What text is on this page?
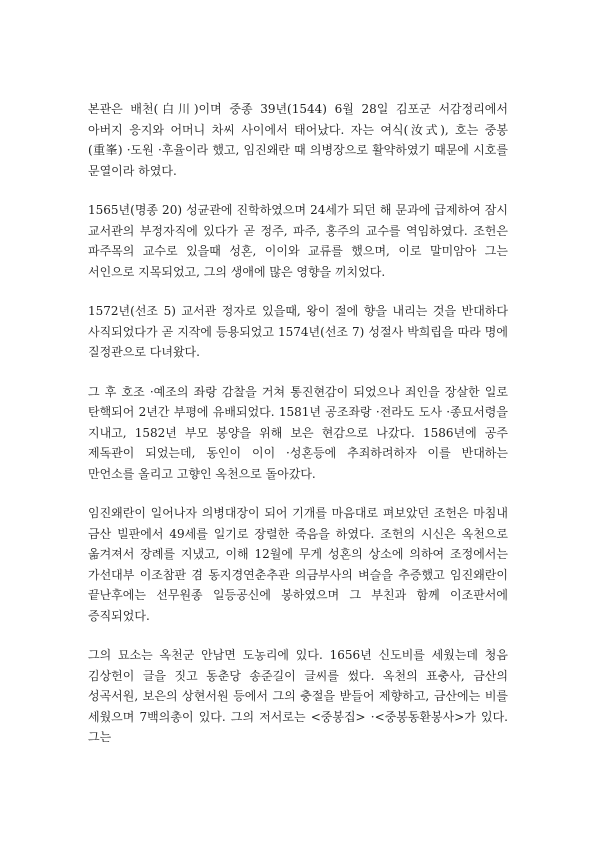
본관은 배천(白川)이며 중종 39년(1544) 6월 28일 김포군 서감정리에서 아버지 응지와 어머니 차씨 사이에서 태어났다. 자는 여식(汝式), 호는 중봉(重峯) ·도원 ·후율이라 했고, 임진왜란 때 의병장으로 활약하였기 때문에 시호를 문열이라 하였다.

1565년(명종 20) 성균관에 진학하였으며 24세가 되던 해 문과에 급제하여 잠시 교서관의 부정자직에 있다가 곧 정주, 파주, 홍주의 교수를 역임하였다. 조헌은 파주목의 교수로 있을때 성혼, 이이와 교류를 했으며, 이로 말미암아 그는 서인으로 지목되었고, 그의 생애에 많은 영향을 끼치었다.

1572년(선조 5) 교서관 정자로 있을때, 왕이 절에 향을 내리는 것을 반대하다 사직되었다가 곧 지작에 등용되었고 1574년(선조 7) 성절사 박희립을 따라 명에 질정관으로 다녀왔다.

그 후 호조 ·예조의 좌랑 감찰을 거쳐 통진현감이 되었으나 죄인을 장살한 일로 탄핵되어 2년간 부평에 유배되었다. 1581년 공조좌랑 ·전라도 도사 ·종묘서령을 지내고, 1582년 부모 봉양을 위해 보은 현감으로 나갔다. 1586년에 공주 제독관이 되었는데, 동인이 이이 ·성혼등에 추죄하려하자 이를 반대하는 만언소를 올리고 고향인 옥천으로 돌아갔다.

임진왜란이 일어나자 의병대장이 되어 기개를 마음대로 펴보았던 조헌은 마침내 금산 빌판에서 49세를 일기로 장렬한 죽음을 하였다. 조헌의 시신은 옥천으로 옮겨져서 장례를 지냈고, 이해 12월에 무게 성혼의 상소에 의하여 조정에서는 가선대부 이조참판 겸 동지경연춘추관 의금부사의 벼슬을 추증했고 임진왜란이 끝난후에는 선무원종 일등공신에 봉하였으며 그 부친과 함께 이조판서에 증직되었다.

그의 묘소는 옥천군 안남면 도농리에 있다. 1656년 신도비를 세웠는데 청음 김상헌이 글을 짓고 동춘당 송준길이 글씨를 썼다. 옥천의 표충사, 금산의 성곡서원, 보은의 상현서원 등에서 그의 충절을 받들어 제향하고, 금산에는 비를 세웠으며 7백의총이 있다. 그의 저서로는 <중봉집> ·<중봉동환봉사>가 있다. 그는
